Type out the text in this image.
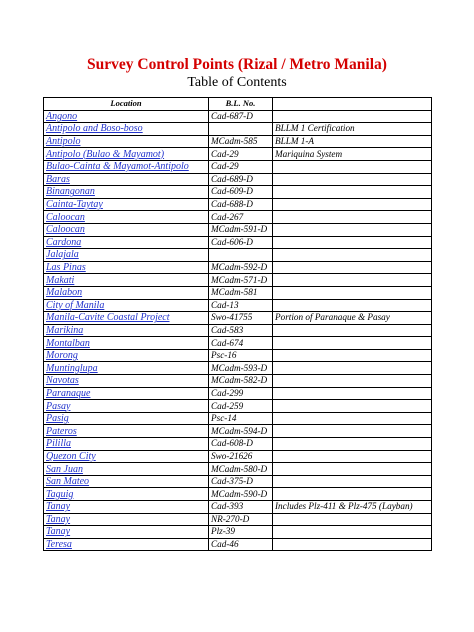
Survey Control Points (Rizal / Metro Manila)
Table of Contents
Location	B.L. No.	
Angono	Cad-687-D	
Antipolo and Boso-boso		BLLM 1 Certification
Antipolo	MCadm-585	BLLM 1-A
Antipolo (Bulao & Mayamot)	Cad-29	Mariquina System
Bulao-Cainta & Mayamot-Antipolo	Cad-29	
Baras	Cad-689-D	
Binangonan	Cad-609-D	
Cainta-Taytay	Cad-688-D	
Caloocan	Cad-267	
Caloocan	MCadm-591-D	
Cardona	Cad-606-D	
Jalajala		
Las Pinas	MCadm-592-D	
Makati	MCadm-571-D	
Malabon	MCadm-581	
City of Manila	Cad-13	
Manila-Cavite Coastal Project	Swo-41755	Portion of Paranaque & Pasay
Marikina	Cad-583	
Montalban	Cad-674	
Morong	Psc-16	
Muntinglupa	MCadm-593-D	
Navotas	MCadm-582-D	
Paranaque	Cad-299	
Pasay	Cad-259	
Pasig	Psc-14	
Pateros	MCadm-594-D	
Pililla	Cad-608-D	
Quezon City	Swo-21626	
San Juan	MCadm-580-D	
San Mateo	Cad-375-D	
Taguig	MCadm-590-D	
Tanay	Cad-393	Includes Plz-411 & Plz-475 (Layban)
Tanay	NR-270-D	
Tanay	Plz-39	
Teresa	Cad-46	
